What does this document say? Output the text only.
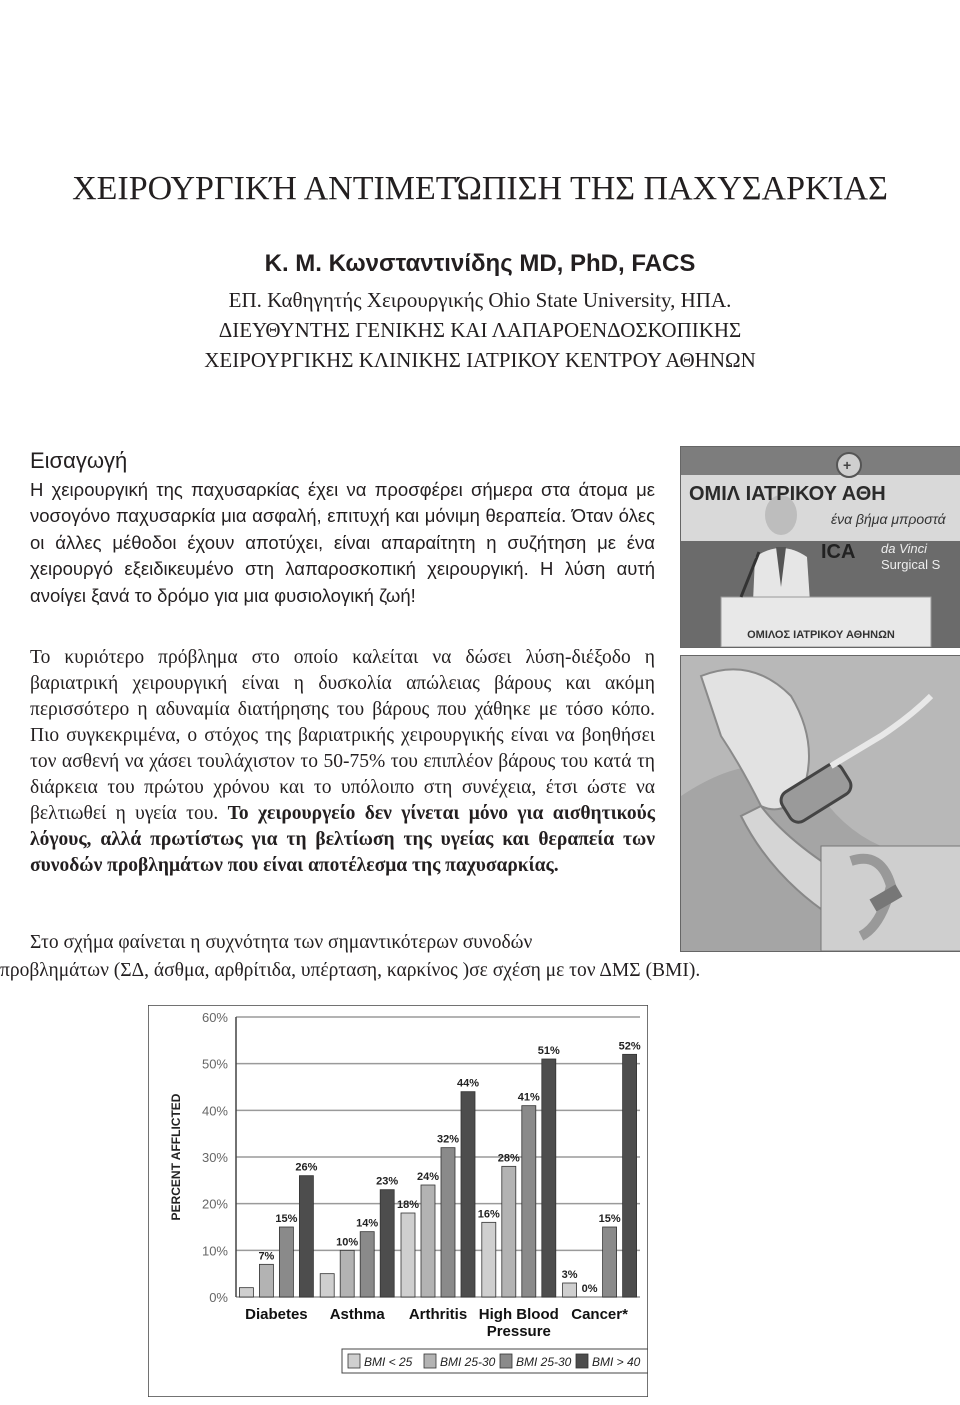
ΧΕΙΡΟΥΡΓΙΚΉ ΑΝΤΙΜΕΤΏΠΙΣΗ ΤΗΣ ΠΑΧΥΣΑΡΚΊΑΣ
Κ. Μ. Κωνσταντινίδης MD, PhD, FACS
ΕΠ. Καθηγητής Χειρουργικής Ohio State University, ΗΠΑ.
ΔΙΕΥΘΥΝΤΗΣ ΓΕΝΙΚΗΣ ΚΑΙ ΛΑΠΑΡΟΕΝΔΟΣΚΟΠΙΚΗΣ
ΧΕΙΡΟΥΡΓΙΚΗΣ ΚΛΙΝΙΚΗΣ ΙΑΤΡΙΚΟΥ ΚΕΝΤΡΟΥ ΑΘΗΝΩΝ
Εισαγωγή
Η χειρουργική της παχυσαρκίας έχει να προσφέρει σήμερα στα άτομα με νοσογόνο παχυσαρκία μια ασφαλή, επιτυχή και μόνιμη θεραπεία. Όταν όλες οι άλλες μέθοδοι έχουν αποτύχει, είναι απαραίτητη η συζήτηση με ένα χειρουργό εξειδικευμένο στη λαπαροσκοπική χειρουργική. Η λύση αυτή ανοίγει ξανά το δρόμο για μια φυσιολογική ζωή!
+
ΟΜΙΛ ΙΑΤΡΙΚΟΥ ΑΘΗ
ένα βήμα μπροστά
ICA da Vinci
Surgical S
ΟΜΙΛΟΣ ΙΑΤΡΙΚΟΥ ΑΘΗΝΩΝ
Το κυριότερο πρόβλημα στο οποίο καλείται να δώσει λύση-διέξοδο η βαριατρική χειρουργική είναι η δυσκολία απώλειας βάρους και ακόμη περισσότερο η αδυναμία διατήρησης του βάρους που χάθηκε με τόσο κόπο. Πιο συγκεκριμένα, ο στόχος της βαριατρικής χειρουργικής είναι να βοηθήσει τον ασθενή να χάσει τουλάχιστον το 50-75% του επιπλέον βάρους του κατά τη διάρκεια του πρώτου χρόνου και το υπόλοιπο στη συνέχεια, έτσι ώστε να βελτιωθεί η υγεία του. Το χειρουργείο δεν γίνεται μόνο για αισθητικούς λόγους, αλλά πρωτίστως για τη βελτίωση της υγείας και θεραπεία των συνοδών προβλημάτων που είναι αποτέλεσμα της παχυσαρκίας.
Στο σχήμα φαίνεται η συχνότητα των σημαντικότερων συνοδών
προβλημάτων (ΣΔ, άσθμα, αρθρίτιδα, υπέρταση, καρκίνος )σε σχέση με τον ΔΜΣ (ΒΜΙ).
0%
10%
20%
30%
40%
50%
60%
PERCENT AFFLICTED
7%
15%
26%
Diabetes
10%
14%
23%
Asthma
24%
32%
44%
Arthritis
28%
41%
51%
High Blood
Pressure
3%
0%
15%
52%
Cancer*
18%
16%
BMI < 25 BMI 25-30 BMI 25-30 BMI > 40
